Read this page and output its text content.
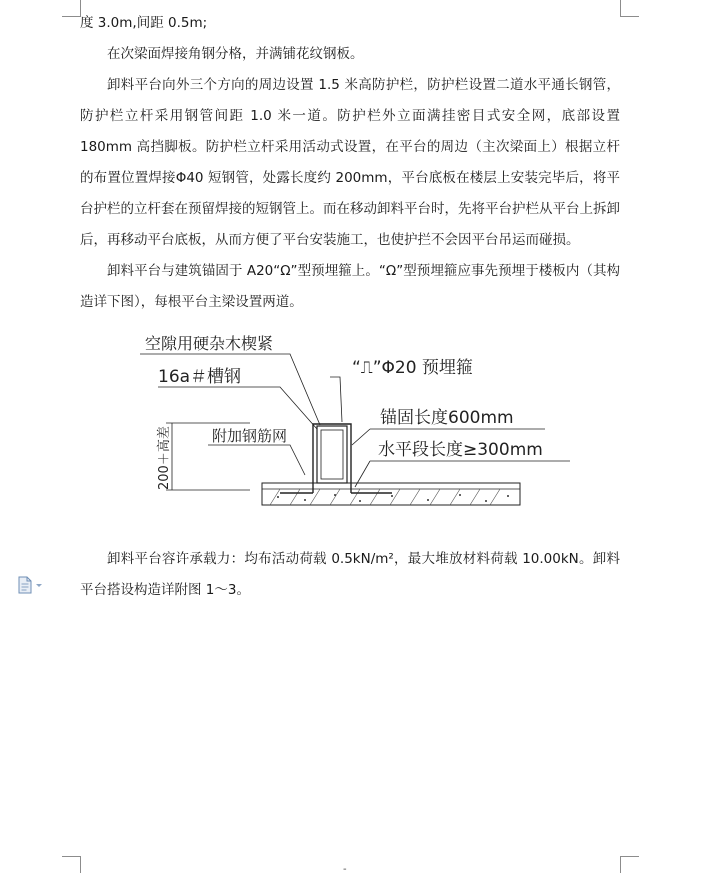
度 3.0m,间距 0.5m;

在次梁面焊接角钢分格，并满铺花纹钢板。

卸料平台向外三个方向的周边设置 1.5 米高防护栏，防护栏设置二道水平通长钢管，防护栏立杆采用钢管间距 1.0 米一道。防护栏外立面满挂密目式安全网，底部设置 180mm 高挡脚板。防护栏立杆采用活动式设置，在平台的周边（主次梁面上）根据立杆的布置位置焊接Φ40 短钢管，处露长度约 200mm，平台底板在楼层上安装完毕后，将平台护栏的立杆套在预留焊接的短钢管上。而在移动卸料平台时，先将平台护栏从平台上拆卸后，再移动平台底板，从而方便了平台安装施工，也使护拦不会因平台吊运而碰损。

卸料平台与建筑锚固于 A20“Ω”型预埋箍上。“Ω”型预埋箍应事先预埋于楼板内（其构造详下图），每根平台主梁设置两道。

200＋高差
空隙用硬杂木楔紧
16a＃槽钢	“⎍”Φ20 预埋箍
锚固长度600mm
水平段长度≥300mm
附加钢筋网

卸料平台容许承载力：均布活动荷载 0.5kN/m²，最大堆放材料荷载 10.00kN。卸料平台搭设构造详附图 1～3。

-
